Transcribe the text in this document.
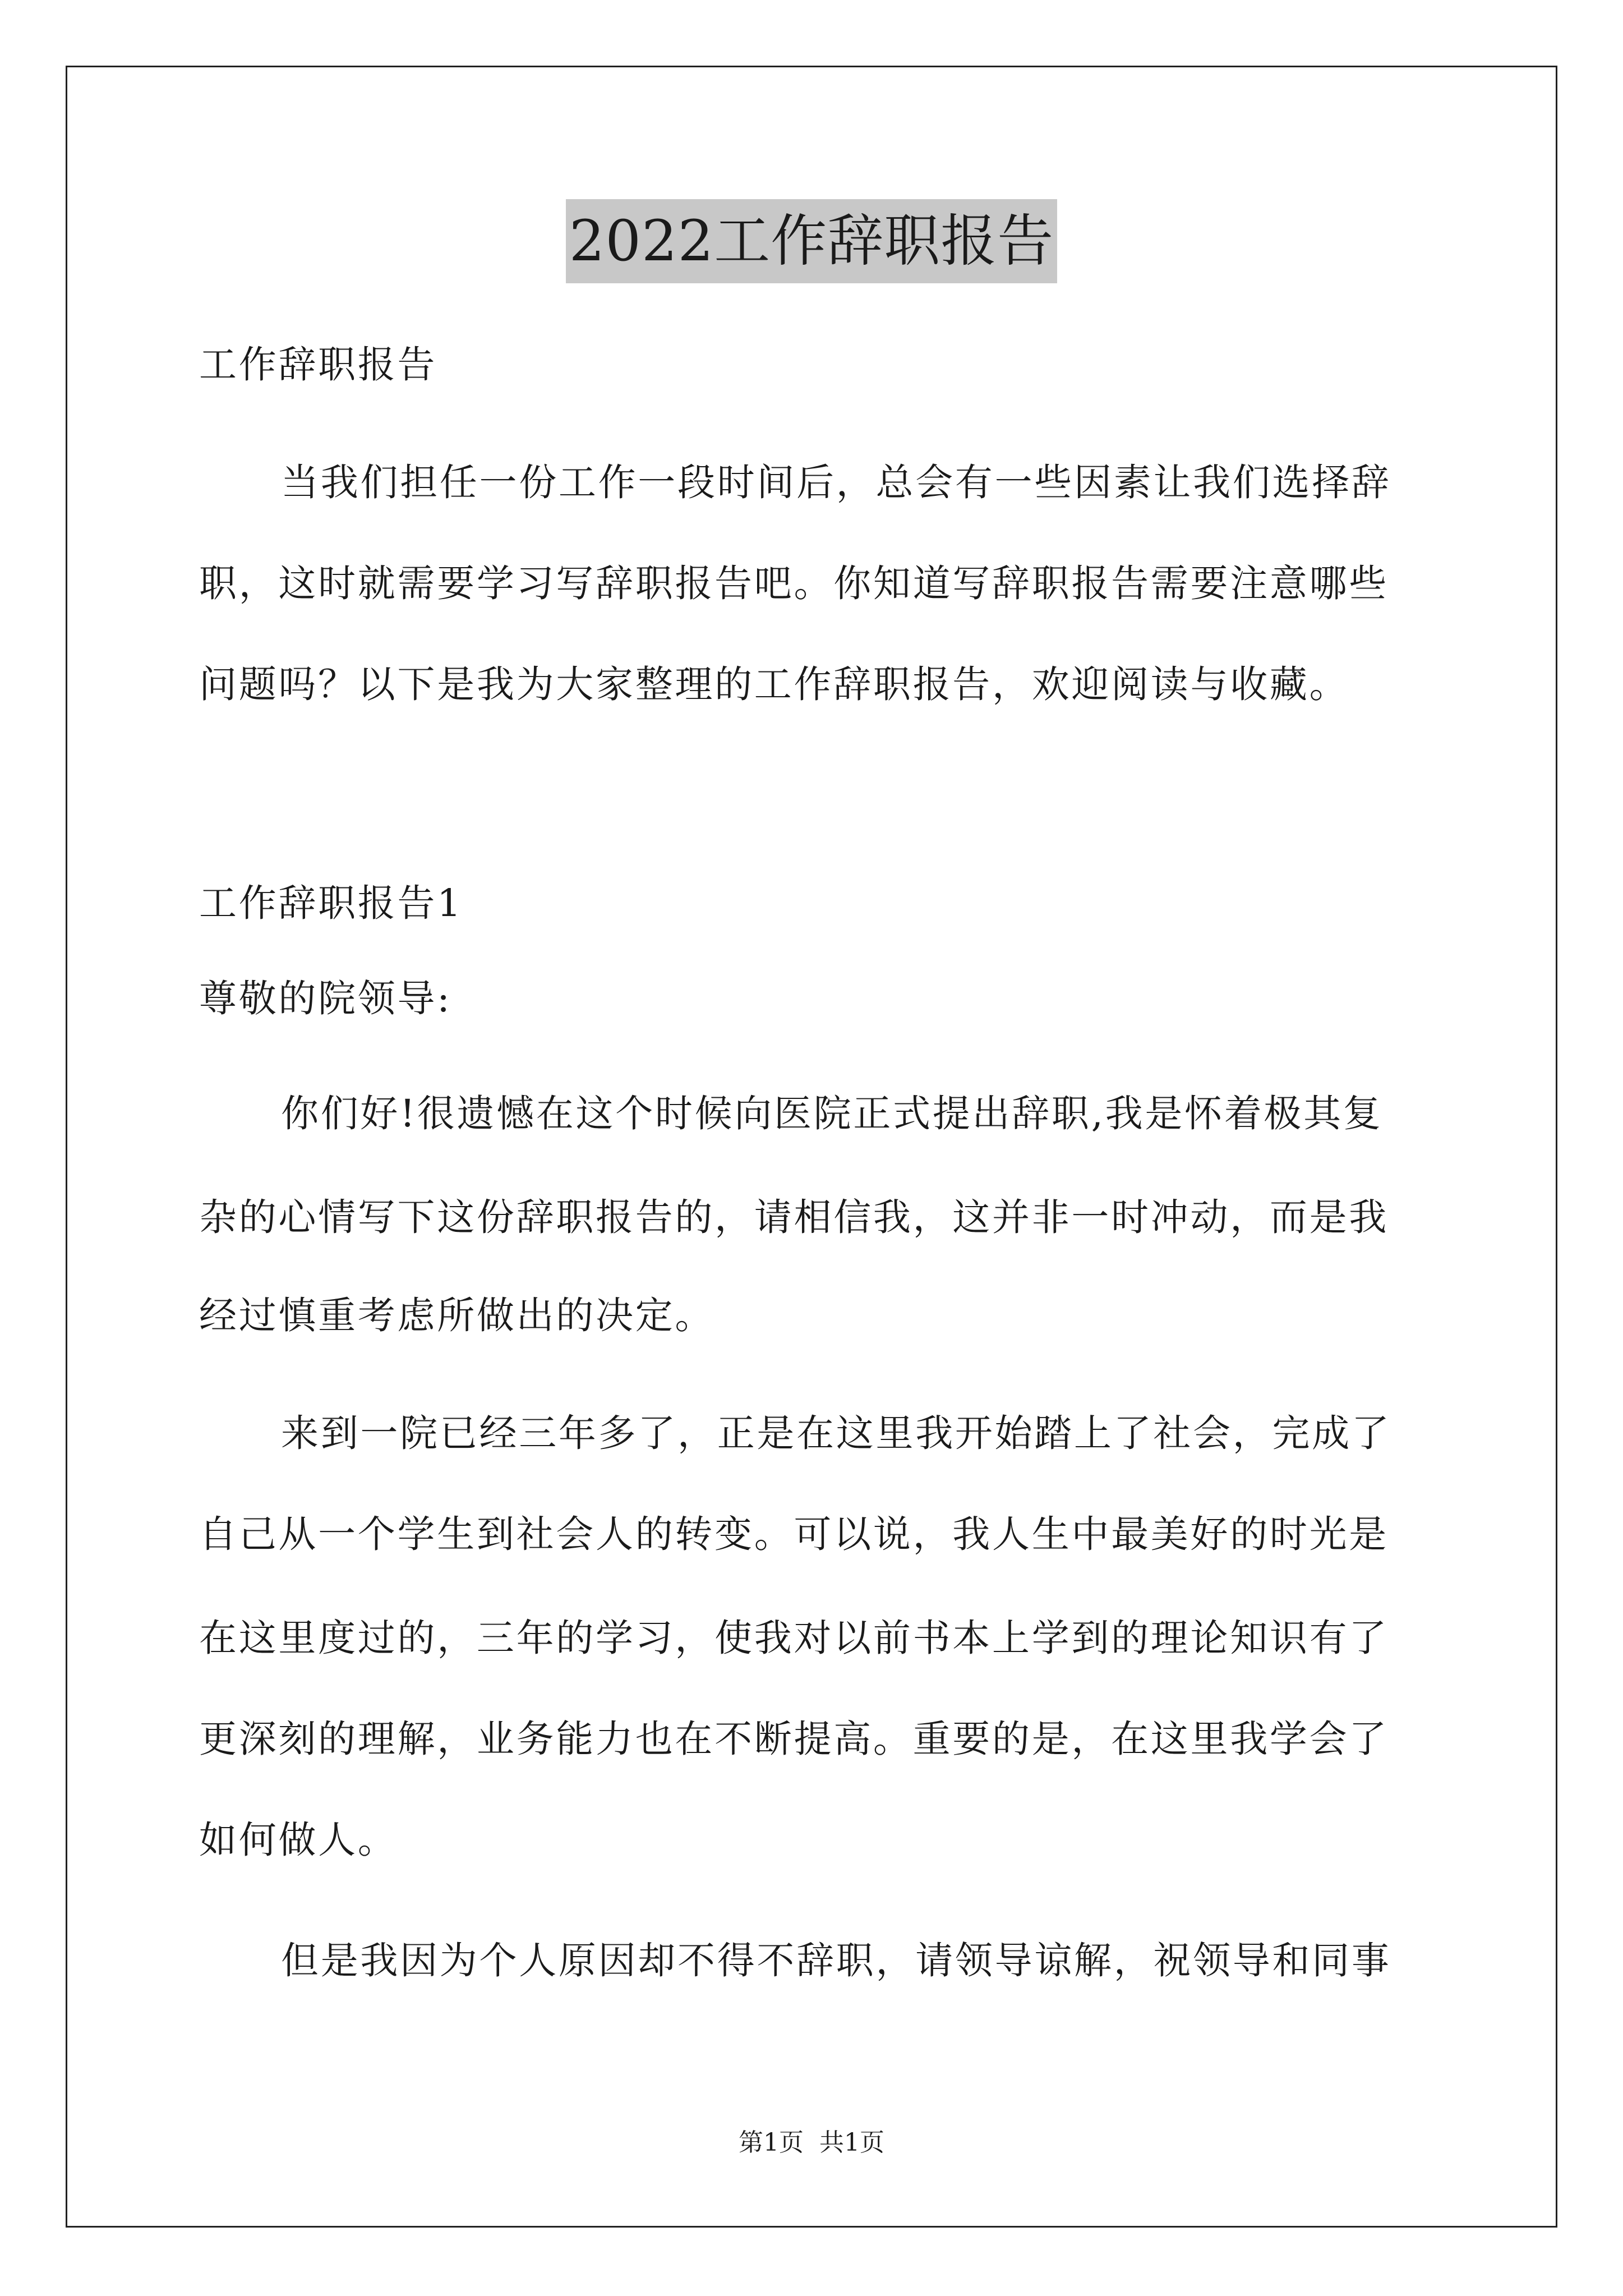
2022工作辞职报告
工作辞职报告
当我们担任一份工作一段时间后，总会有一些因素让我们选择辞
职，这时就需要学习写辞职报告吧。你知道写辞职报告需要注意哪些
问题吗？以下是我为大家整理的工作辞职报告，欢迎阅读与收藏。
工作辞职报告1
尊敬的院领导:
你们好!很遗憾在这个时候向医院正式提出辞职,我是怀着极其复
杂的心情写下这份辞职报告的，请相信我，这并非一时冲动，而是我
经过慎重考虑所做出的决定。
来到一院已经三年多了，正是在这里我开始踏上了社会，完成了
自己从一个学生到社会人的转变。可以说，我人生中最美好的时光是
在这里度过的，三年的学习，使我对以前书本上学到的理论知识有了
更深刻的理解，业务能力也在不断提高。重要的是，在这里我学会了
如何做人。
但是我因为个人原因却不得不辞职，请领导谅解，祝领导和同事
第1页 共1页
